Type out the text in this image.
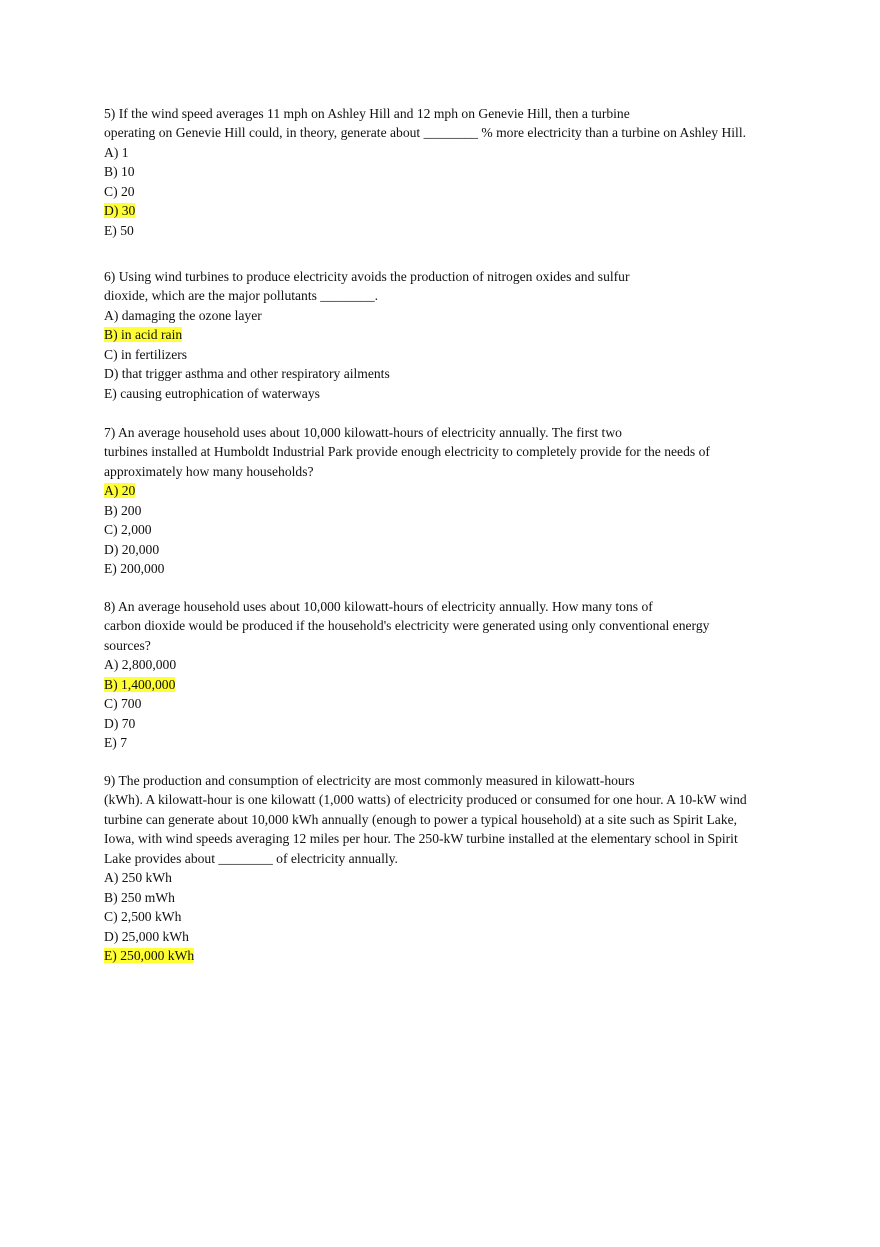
5) If the wind speed averages 11 mph on Ashley Hill and 12 mph on Genevie Hill, then a turbine
operating on Genevie Hill could, in theory, generate about ________ % more electricity than a turbine on Ashley Hill.
A) 1
B) 10
C) 20
D) 30
E) 50
6) Using wind turbines to produce electricity avoids the production of nitrogen oxides and sulfur
dioxide, which are the major pollutants ________.
A) damaging the ozone layer
B) in acid rain
C) in fertilizers
D) that trigger asthma and other respiratory ailments
E) causing eutrophication of waterways
7) An average household uses about 10,000 kilowatt-hours of electricity annually. The first two
turbines installed at Humboldt Industrial Park provide enough electricity to completely provide for the needs of
approximately how many households?
A) 20
B) 200
C) 2,000
D) 20,000
E) 200,000
8) An average household uses about 10,000 kilowatt-hours of electricity annually. How many tons of
carbon dioxide would be produced if the household's electricity were generated using only conventional energy
sources?
A) 2,800,000
B) 1,400,000
C) 700
D) 70
E) 7
9) The production and consumption of electricity are most commonly measured in kilowatt-hours
(kWh). A kilowatt-hour is one kilowatt (1,000 watts) of electricity produced or consumed for one hour. A 10-kW wind
turbine can generate about 10,000 kWh annually (enough to power a typical household) at a site such as Spirit Lake,
Iowa, with wind speeds averaging 12 miles per hour. The 250-kW turbine installed at the elementary school in Spirit
Lake provides about ________ of electricity annually.
A) 250 kWh
B) 250 mWh
C) 2,500 kWh
D) 25,000 kWh
E) 250,000 kWh
